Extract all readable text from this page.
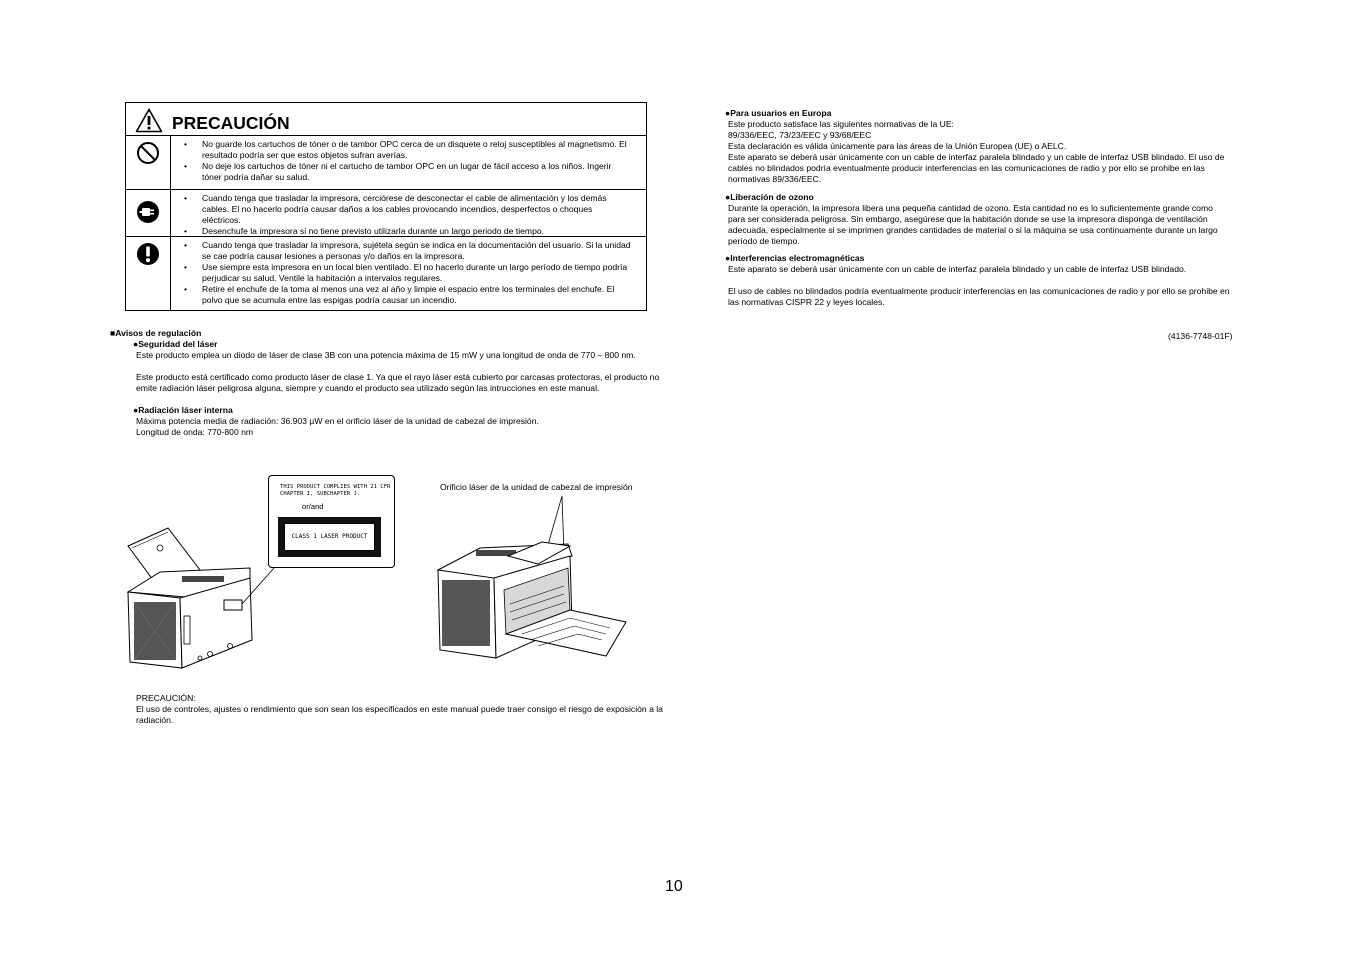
PRECAUCIÓN
• No guarde los cartuchos de tóner o de tambor OPC cerca de un disquete o reloj susceptibles al magnetismo. El resultado podría ser que estos objetos sufran averías.
• No deje los cartuchos de tóner ni el cartucho de tambor OPC en un lugar de fácil acceso a los niños. Ingerir tóner podría dañar su salud.
• Cuando tenga que trasladar la impresora, cerciórese de desconectar el cable de alimentación y los demás cables. El no hacerlo podría causar daños a los cables provocando incendios, desperfectos o choques eléctricos.
• Desenchufe la impresora si no tiene previsto utilizarla durante un largo periodo de tiempo.
• Cuando tenga que trasladar la impresora, sujétela según se indica en la documentación del usuario. Si la unidad se cae podría causar lesiones a personas y/o daños en la impresora.
• Use siempre esta impresora en un local bien ventilado. El no hacerlo durante un largo período de tiempo podría perjudicar su salud. Ventile la habitación a intervalos regulares.
• Retire el enchufe de la toma al menos una vez al año y limpie el espacio entre los terminales del enchufe. El polvo que se acumula entre las espigas podría causar un incendio.
■Avisos de regulación
●Seguridad del láser

Este producto emplea un diodo de láser de clase 3B con una potencia máxima de 15 mW y una longitud de onda de 770 – 800 nm.

Este producto está certificado como producto láser de clase 1. Ya que el rayo láser está cubierto por carcasas protectoras, el producto no emite radiación láser peligrosa alguna, siempre y cuando el producto sea utilizado según las intrucciones en este manual.

●Radiación láser interna
Máxima potencia media de radiación: 36.903 µW en el orificio láser de la unidad de cabezal de impresión.
Longitud de onda: 770-800 nm
THIS PRODUCT COMPLIES WITH 21 CFR CHAPTER I, SUBCHAPTER J.
or/and
CLASS 1 LASER PRODUCT
Orificio láser de la unidad de cabezal de impresión
PRECAUCIÓN:

El uso de controles, ajustes o rendimiento que son sean los especificados en este manual puede traer consigo el riesgo de exposición a la radiación.

●Para usuarios en Europa
Este producto satisface las siguientes normativas de la UE:
89/336/EEC, 73/23/EEC y 93/68/EEC
Esta declaración es válida únicamente para las áreas de la Unión Europea (UE) o AELC.

Este aparato se deberá usar únicamente con un cable de interfaz paralela blindado y un cable de interfaz USB blindado. El uso de cables no blindados podría eventualmente producir interferencias en las comunicaciones de radio y por ello se prohibe en las normativas 89/336/EEC.

●Liberación de ozono

Durante la operación, la impresora libera una pequeña cantidad de ozono. Esta cantidad no es lo suficientemente grande como para ser considerada peligrosa. Sin embargo, asegúrese que la habitación donde se use la impresora disponga de ventilación adecuada, especialmente si se imprimen grandes cantidades de material o si la máquina se usa continuamente durante un largo período de tiempo.

●Interferencias electromagnéticas

Este aparato se deberá usar únicamente con un cable de interfaz paralela blindado y un cable de interfaz USB blindado.

El uso de cables no blindados podría eventualmente producir interferencias en las comunicaciones de radio y por ello se prohibe en las normativas CISPR 22 y leyes locales.

(4136-7748-01F)
10
